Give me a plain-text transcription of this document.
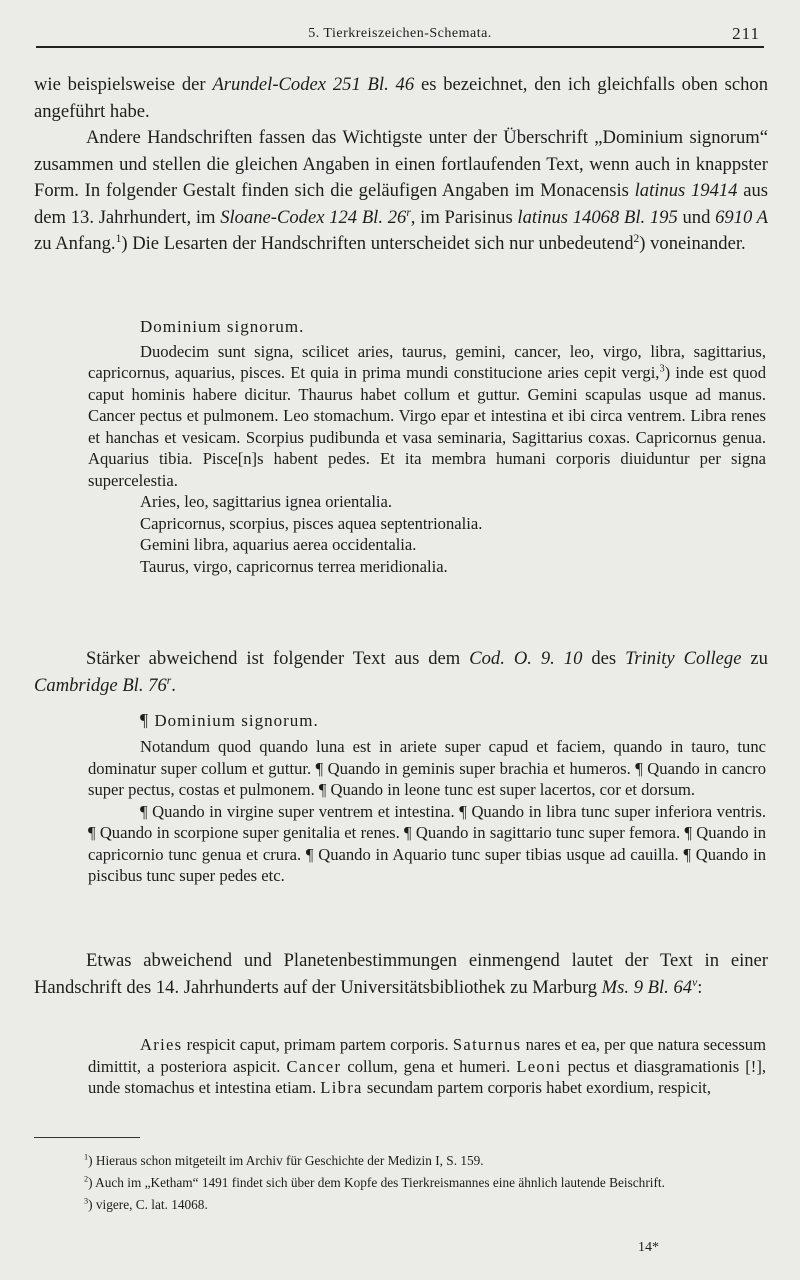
5. Tierkreiszeichen-Schemata.	211

wie beispielsweise der Arundel-Codex 251 Bl. 46 es bezeichnet, den ich gleichfalls oben schon angeführt habe.

Andere Handschriften fassen das Wichtigste unter der Überschrift „Dominium signorum“ zusammen und stellen die gleichen Angaben in einen fortlaufenden Text, wenn auch in knappster Form. In folgender Gestalt finden sich die geläufigen Angaben im Monacensis latinus 19414 aus dem 13. Jahrhundert, im Sloane-Codex 124 Bl. 26$^r$, im Parisinus latinus 14068 Bl. 195 und 6910 A zu Anfang.$^1$) Die Lesarten der Handschriften unterscheidet sich nur unbedeutend$^2$) voneinander.

Dominium signorum.

Duodecim sunt signa, scilicet aries, taurus, gemini, cancer, leo, virgo, libra, sagittarius, capricornus, aquarius, pisces. Et quia in prima mundi constitucione aries cepit vergi,$^3$) inde est quod caput hominis habere dicitur. Thaurus habet collum et guttur. Gemini scapulas usque ad manus. Cancer pectus et pulmonem. Leo stomachum. Virgo epar et intestina et ibi circa ventrem. Libra renes et hanchas et vesicam. Scorpius pudibunda et vasa seminaria, Sagittarius coxas. Capricornus genua. Aquarius tibia. Pisce[n]s habent pedes. Et ita membra humani corporis diuiduntur per signa supercelestia.

Aries, leo, sagittarius ignea orientalia.

Capricornus, scorpius, pisces aquea septentrionalia.

Gemini libra, aquarius aerea occidentalia.

Taurus, virgo, capricornus terrea meridionalia.

Stärker abweichend ist folgender Text aus dem Cod. O. 9. 10 des Trinity College zu Cambridge Bl. 76$^r$.

¶ Dominium signorum.

Notandum quod quando luna est in ariete super capud et faciem, quando in tauro, tunc dominatur super collum et guttur. ¶ Quando in geminis super brachia et humeros. ¶ Quando in cancro super pectus, costas et pulmonem. ¶ Quando in leone tunc est super lacertos, cor et dorsum.

¶ Quando in virgine super ventrem et intestina. ¶ Quando in libra tunc super inferiora ventris. ¶ Quando in scorpione super genitalia et renes. ¶ Quando in sagittario tunc super femora. ¶ Quando in capricornio tunc genua et crura. ¶ Quando in Aquario tunc super tibias usque ad cauilla. ¶ Quando in piscibus tunc super pedes etc.

Etwas abweichend und Planetenbestimmungen einmengend lautet der Text in einer Handschrift des 14. Jahrhunderts auf der Universitätsbibliothek zu Marburg Ms. 9 Bl. 64$^v$:

Aries respicit caput, primam partem corporis. Saturnus nares et ea, per que natura secessum dimittit, a posteriora aspicit. Cancer collum, gena et humeri. Leoni pectus et diasgramationis [!], unde stomachus et intestina etiam. Libra secundam partem corporis habet exordium, respicit,

$^1$) Hieraus schon mitgeteilt im Archiv für Geschichte der Medizin I, S. 159.

$^2$) Auch im „Ketham“ 1491 findet sich über dem Kopfe des Tierkreismannes eine ähnlich lautende Beischrift.

$^3$) vigere, C. lat. 14068.

14*
